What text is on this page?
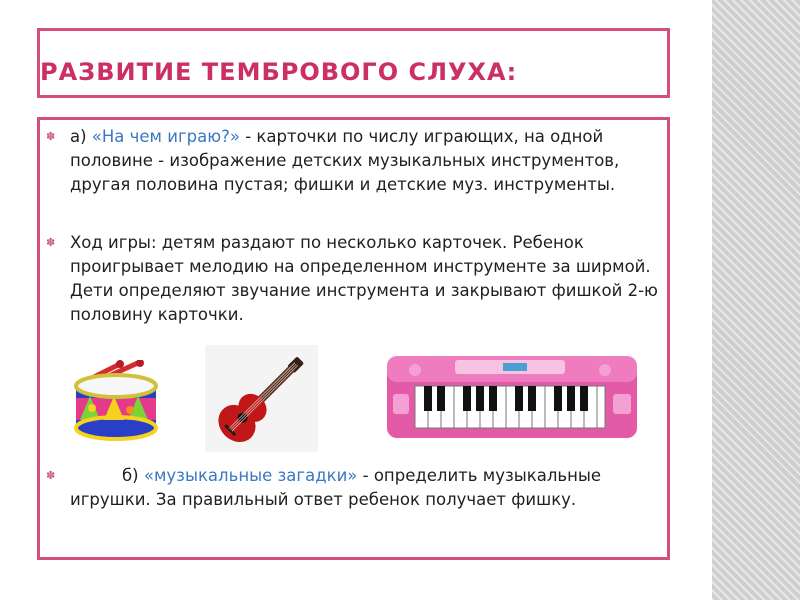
РАЗВИТИЕ ТЕМБРОВОГО СЛУХА:

✽
а) «На чем играю?» - карточки по числу играющих, на одной половине - изображение детских музыкальных инструментов, другая половина пустая; фишки и детские муз. инструменты.

✽
Ход игры: детям раздают по несколько карточек. Ребенок проигрывает мелодию на определенном инструменте за ширмой. Дети определяют звучание инструмента и закрывают фишкой 2-ю половину карточки.

✽
б) «музыкальные загадки» - определить музыкальные игрушки. За правильный ответ ребенок получает фишку.
